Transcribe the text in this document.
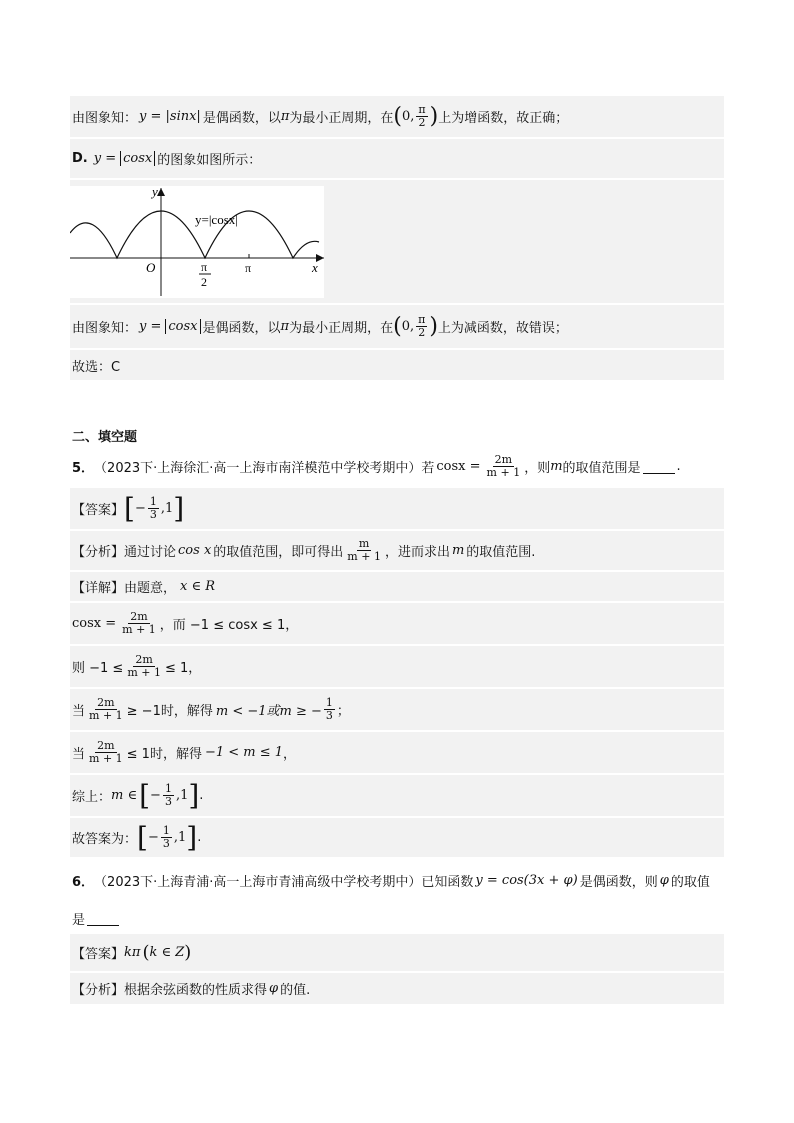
由图象知： y = |sinx| 是偶函数，以 π 为最小正周期，在 ( 0, $\frac{\pi}{2}$ ) 上为增函数，故正确；
D. y = cosx 的图象如图所示：
y
x
O
y=|cosx|
π
2
π
由图象知： y = cosx 是偶函数，以 π 为最小正周期，在 ( 0, $\frac{\pi}{2}$ ) 上为减函数，故错误；
故选：C
二、填空题
5． （2023下·上海徐汇·高一上海市南洋模范中学校考期中）若 $\cos x = \frac{2m}{m + 1}$ ，则 m 的取值范围是	.
【答案】 [ − $\frac{1}{3} ,1$ ]
【分析】 通过讨论 cos x 的取值范围，即可得出 $\frac{m}{m + 1}$ ，进而求出 m 的取值范围.
【详解】 由题意， x ∈ R
$\cos x = \frac{2m}{m + 1}$ ，而 −1 ≤ cosx ≤ 1，
则 $-1 \le \frac{2m}{m + 1} \le 1$，
当 $\frac{2m}{m + 1} \ge -1$时，解得 m < −1或m ≥ − $\frac{1}{3}$ ；
当 $\frac{2m}{m + 1} \le 1$时，解得 −1 < m ≤ 1 ，
综上： m ∈ [ − $\frac{1}{3} ,1$ ] .
故答案为： [ − $\frac{1}{3} ,1$ ] .
6． （2023下·上海青浦·高一上海市青浦高级中学校考期中）已知函数 y = cos(3x + φ) 是偶函数，则 φ 的取值
是
【答案】 kπ ( k ∈ Z )
【分析】 根据余弦函数的性质求得 φ 的值.
